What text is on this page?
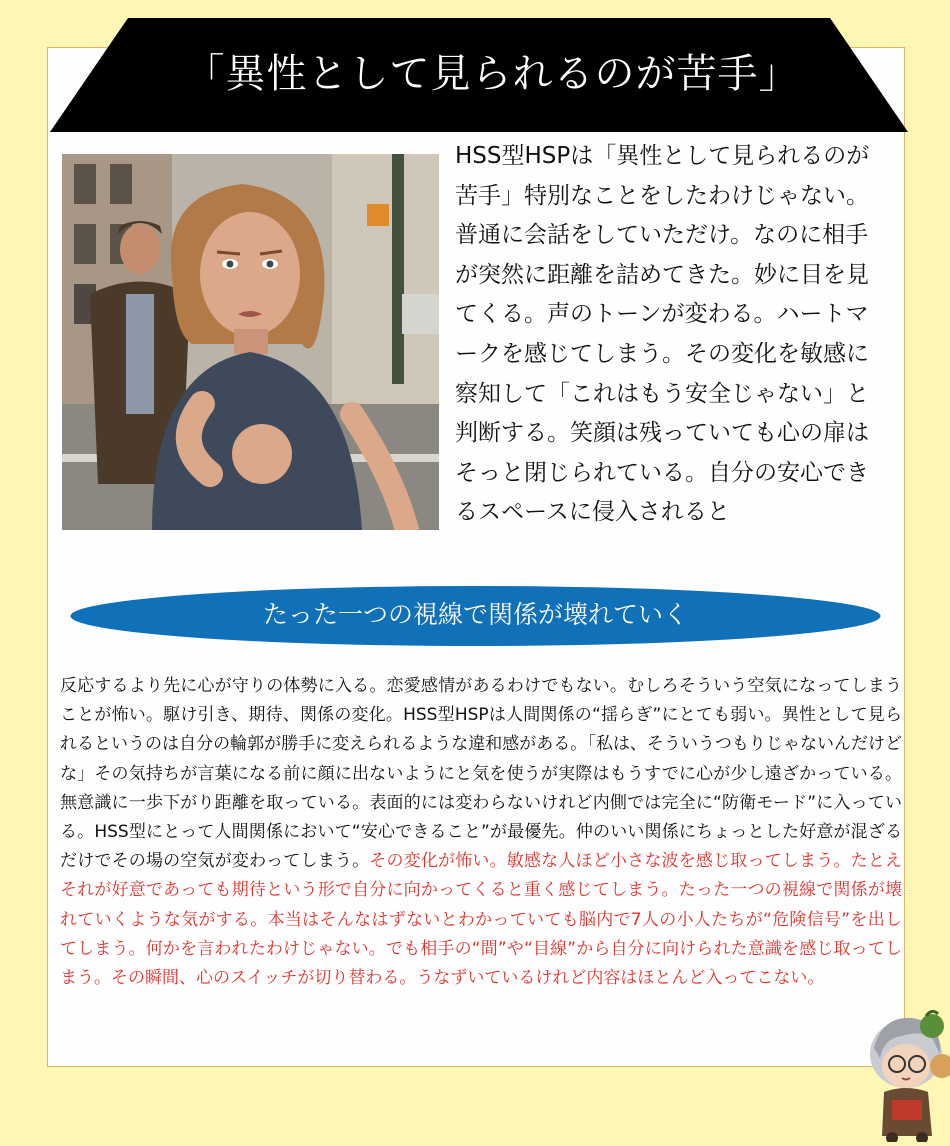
「異性として見られるのが苦手」

HSS型HSPは「異性として見られるのが苦手」特別なことをしたわけじゃない。普通に会話をしていただけ。なのに相手が突然に距離を詰めてきた。妙に目を見てくる。声のトーンが変わる。ハートマークを感じてしまう。その変化を敏感に察知して「これはもう安全じゃない」と判断する。笑顔は残っていても心の扉はそっと閉じられている。自分の安心できるスペースに侵入されると

たった一つの視線で関係が壊れていく

反応するより先に心が守りの体勢に入る。恋愛感情があるわけでもない。むしろそういう空気になってしまうことが怖い。駆け引き、期待、関係の変化。HSS型HSPは人間関係の“揺らぎ”にとても弱い。異性として見られるというのは自分の輪郭が勝手に変えられるような違和感がある。「私は、そういうつもりじゃないんだけどな」その気持ちが言葉になる前に顔に出ないようにと気を使うが実際はもうすでに心が少し遠ざかっている。無意識に一歩下がり距離を取っている。表面的には変わらないけれど内側では完全に“防衛モード”に入っている。HSS型にとって人間関係において“安心できること”が最優先。仲のいい関係にちょっとした好意が混ざるだけでその場の空気が変わってしまう。その変化が怖い。敏感な人ほど小さな波を感じ取ってしまう。たとえそれが好意であっても期待という形で自分に向かってくると重く感じてしまう。たった一つの視線で関係が壊れていくような気がする。本当はそんなはずないとわかっていても脳内で7人の小人たちが“危険信号”を出してしまう。何かを言われたわけじゃない。でも相手の“間”や“目線”から自分に向けられた意識を感じ取ってしまう。その瞬間、心のスイッチが切り替わる。うなずいているけれど内容はほとんど入ってこない。
